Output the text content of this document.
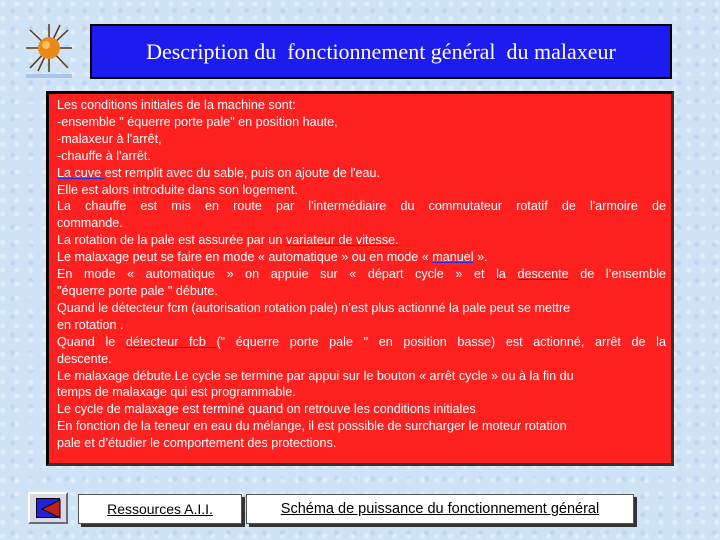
Description du  fonctionnement général  du malaxeur
Les conditions initiales de la machine sont:
-ensemble " équerre porte pale" en position haute,
-malaxeur à l'arrêt,
-chauffe à l'arrêt.
La cuve est remplit avec du sable, puis on ajoute de l'eau.
Elle est alors introduite dans son logement.
La chauffe est mis en route par l'intermédiaire du commutateur rotatif de l'armoire de
commande.
La rotation de la pale est assurée par un variateur de vitesse.
Le malaxage peut se faire en mode « automatique » ou en mode « manuel ».
En mode « automatique » on appuie sur « départ cycle » et la descente de l’ensemble
"équerre porte pale " débute.
Quand le détecteur fcm (autorisation rotation pale) n’est plus actionné la pale peut se mettre
en rotation .
Quand le détecteur fcb (" équerre porte pale " en position basse) est actionné, arrêt de la
descente.
Le malaxage débute.Le cycle se termine par appui sur le bouton « arrêt cycle » ou à la fin du
temps de malaxage qui est programmable.
Le cycle de malaxage est terminé quand on retrouve les conditions initiales
En fonction de la teneur en eau du mélange, il est possible de surcharger le moteur rotation
pale et d’étudier le comportement des protections.
Ressources A.I.I.	Schéma de puissance du fonctionnement général
